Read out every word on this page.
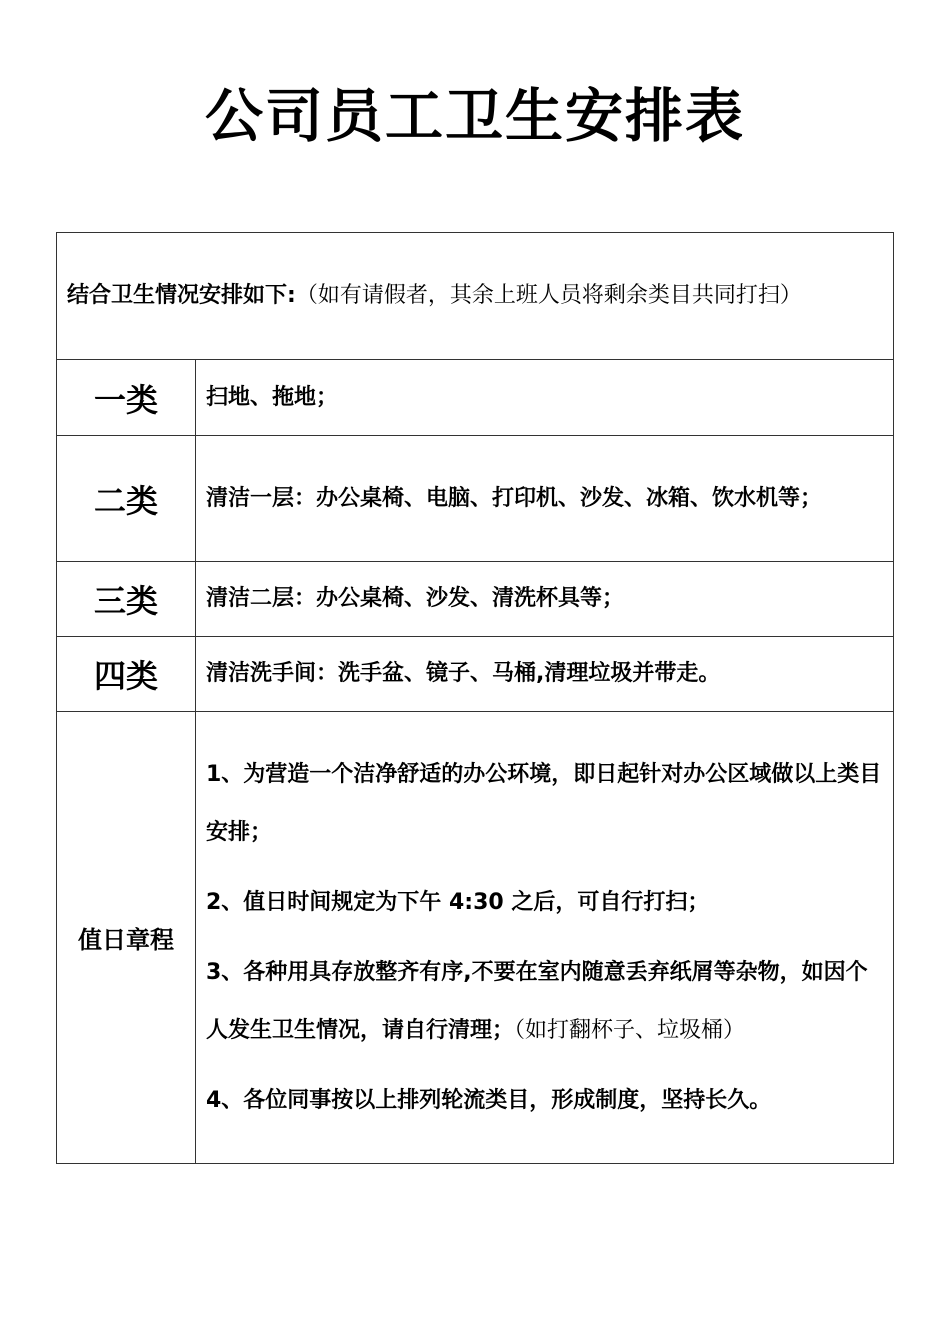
公司员工卫生安排表
结合卫生情况安排如下:（如有请假者，其余上班人员将剩余类目共同打扫）	
一类	扫地、拖地；
二类	清洁一层：办公桌椅、电脑、打印机、沙发、冰箱、饮水机等；
三类	清洁二层：办公桌椅、沙发、清洗杯具等；
四类	清洁洗手间：洗手盆、镜子、马桶,清理垃圾并带走。
值日章程	1、为营造一个洁净舒适的办公环境，即日起针对办公区域做以上类目安排；
2、值日时间规定为下午 4:30 之后，可自行打扫；
3、各种用具存放整齐有序,不要在室内随意丢弃纸屑等杂物，如因个人发生卫生情况，请自行清理；（如打翻杯子、垃圾桶）
4、各位同事按以上排列轮流类目，形成制度，坚持长久。
